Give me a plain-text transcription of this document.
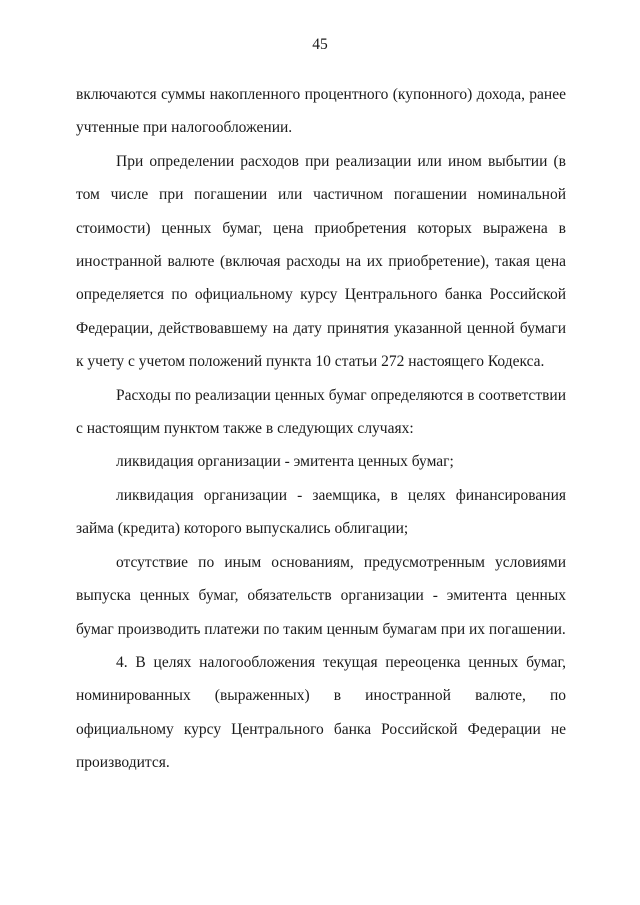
45

включаются суммы накопленного процентного (купонного) дохода, ранее учтенные при налогообложении.

При определении расходов при реализации или ином выбытии (в том числе при погашении или частичном погашении номинальной стоимости) ценных бумаг, цена приобретения которых выражена в иностранной валюте (включая расходы на их приобретение), такая цена определяется по официальному курсу Центрального банка Российской Федерации, действовавшему на дату принятия указанной ценной бумаги к учету с учетом положений пункта 10 статьи 272 настоящего Кодекса.

Расходы по реализации ценных бумаг определяются в соответствии с настоящим пунктом также в следующих случаях:

ликвидация организации - эмитента ценных бумаг;

ликвидация организации - заемщика, в целях финансирования займа (кредита) которого выпускались облигации;

отсутствие по иным основаниям, предусмотренным условиями выпуска ценных бумаг, обязательств организации - эмитента ценных бумаг производить платежи по таким ценным бумагам при их погашении.

4. В целях налогообложения текущая переоценка ценных бумаг, номинированных (выраженных) в иностранной валюте, по официальному курсу Центрального банка Российской Федерации не производится.
